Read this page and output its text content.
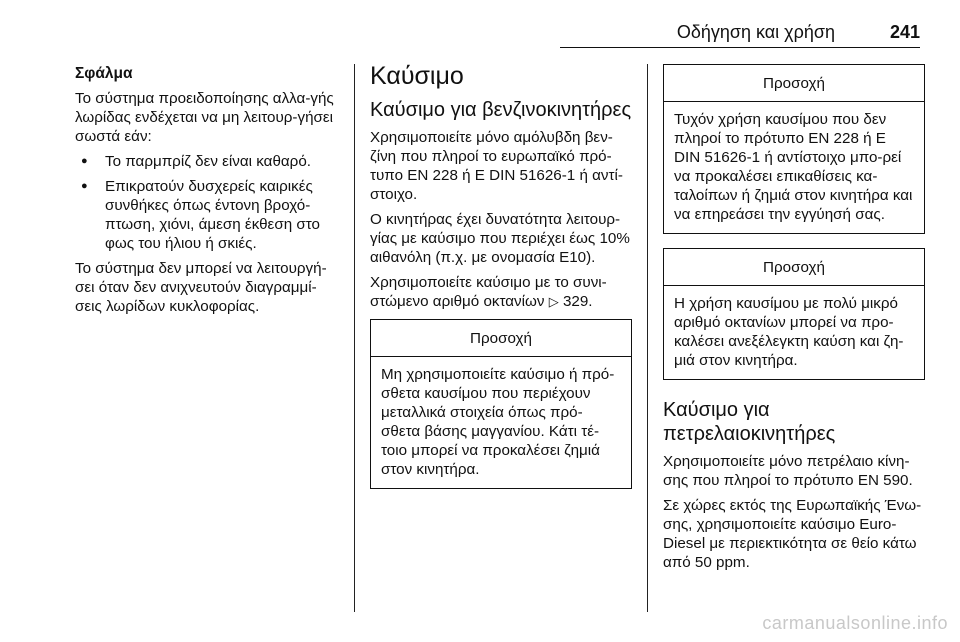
Οδήγηση και χρήση	241
Σφάλμα

Το σύστημα προειδοποίησης αλλα-γής λωρίδας ενδέχεται να μη λειτουρ-γήσει σωστά εάν:

● Το παρμπρίζ δεν είναι καθαρό.
● Επικρατούν δυσχερείς καιρικές συνθήκες όπως έντονη βροχό-πτωση, χιόνι, άμεση έκθεση στο φως του ήλιου ή σκιές.

Το σύστημα δεν μπορεί να λειτουργή-σει όταν δεν ανιχνευτούν διαγραμμί-σεις λωρίδων κυκλοφορίας.

Καύσιμο
Καύσιμο για βενζινοκινητήρες

Χρησιμοποιείτε μόνο αμόλυβδη βεν-ζίνη που πληροί το ευρωπαϊκό πρό-τυπο EN 228 ή E DIN 51626-1 ή αντί-στοιχο.

Ο κινητήρας έχει δυνατότητα λειτουρ-γίας με καύσιμο που περιέχει έως 10% αιθανόλη (π.χ. με ονομασία E10).

Χρησιμοποιείτε καύσιμο με το συνι-στώμενο αριθμό οκτανίων ▷ 329.

Προσοχή
Μη χρησιμοποιείτε καύσιμο ή πρό-σθετα καυσίμου που περιέχουν μεταλλικά στοιχεία όπως πρό-σθετα βάσης μαγγανίου. Κάτι τέ-τοιο μπορεί να προκαλέσει ζημιά στον κινητήρα.
Προσοχή
Τυχόν χρήση καυσίμου που δεν πληροί το πρότυπο EN 228 ή E DIN 51626-1 ή αντίστοιχο μπο-ρεί να προκαλέσει επικαθίσεις κα-ταλοίπων ή ζημιά στον κινητήρα και να επηρεάσει την εγγύησή σας.
Προσοχή
Η χρήση καυσίμου με πολύ μικρό αριθμό οκτανίων μπορεί να προ-καλέσει ανεξέλεγκτη καύση και ζη-μιά στον κινητήρα.
Καύσιμο για πετρελαιοκινητήρες

Χρησιμοποιείτε μόνο πετρέλαιο κίνη-σης που πληροί το πρότυπο EN 590.

Σε χώρες εκτός της Ευρωπαϊκής Ένω-σης, χρησιμοποιείτε καύσιμο Euro-Diesel με περιεκτικότητα σε θείο κάτω από 50 ppm.

carmanualsonline.info
